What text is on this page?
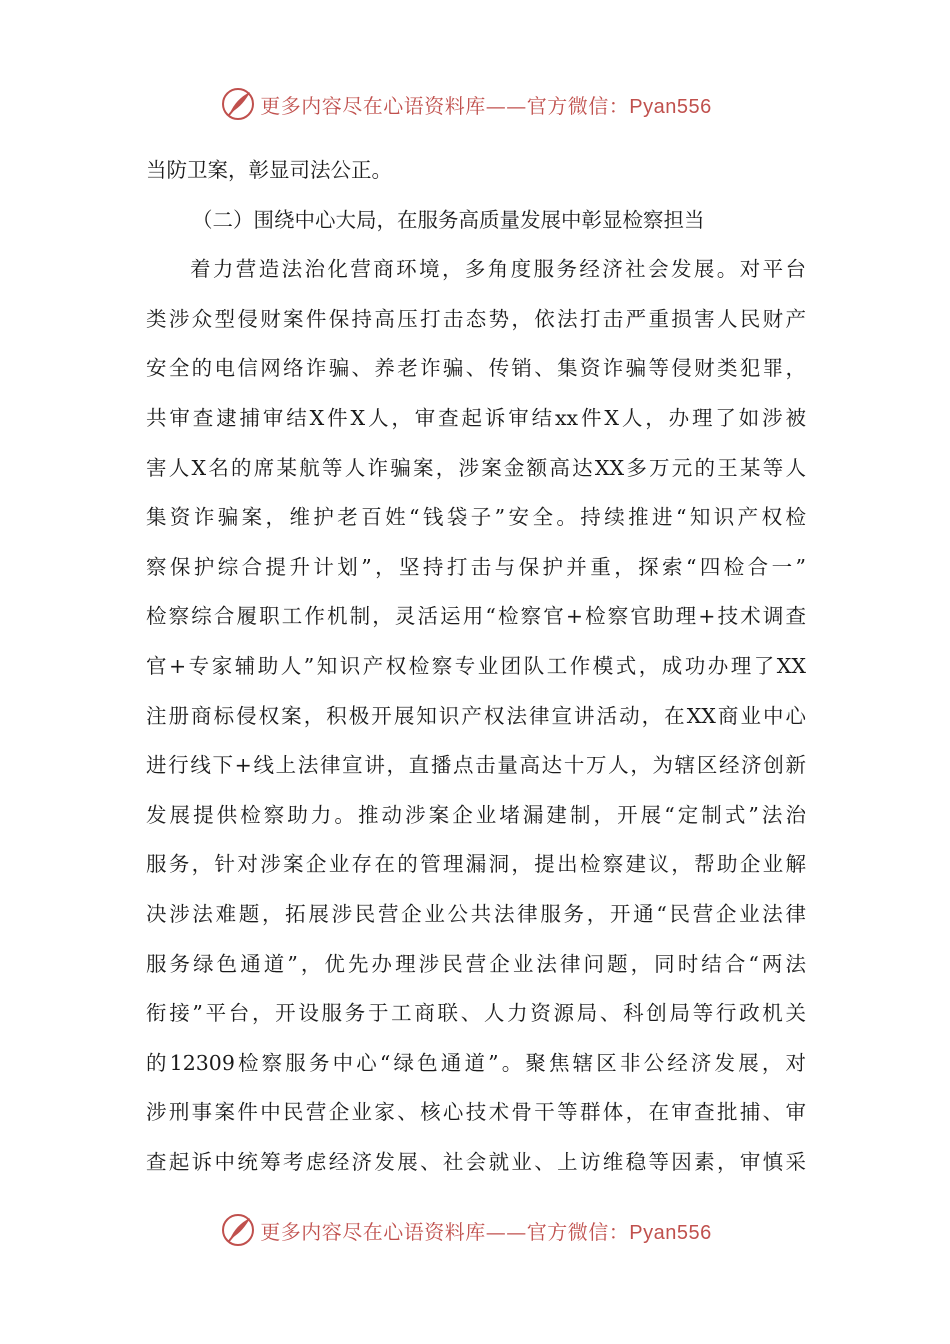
更多内容尽在心语资料库——官方微信：Pyan556
当防卫案，彰显司法公正。
（二）围绕中心大局，在服务高质量发展中彰显检察担当
着力营造法治化营商环境，多角度服务经济社会发展。对平台
类涉众型侵财案件保持高压打击态势，依法打击严重损害人民财产
安全的电信网络诈骗、养老诈骗、传销、集资诈骗等侵财类犯罪，
共审查逮捕审结X件X人，审查起诉审结xx件X人，办理了如涉被
害人X名的席某航等人诈骗案，涉案金额高达XX多万元的王某等人
集资诈骗案，维护老百姓“钱袋子”安全。持续推进“知识产权检
察保护综合提升计划”，坚持打击与保护并重，探索“四检合一”
检察综合履职工作机制，灵活运用“检察官+检察官助理+技术调查
官+专家辅助人”知识产权检察专业团队工作模式，成功办理了XX
注册商标侵权案，积极开展知识产权法律宣讲活动，在XX商业中心
进行线下+线上法律宣讲，直播点击量高达十万人，为辖区经济创新
发展提供检察助力。推动涉案企业堵漏建制，开展“定制式”法治
服务，针对涉案企业存在的管理漏洞，提出检察建议，帮助企业解
决涉法难题，拓展涉民营企业公共法律服务，开通“民营企业法律
服务绿色通道”，优先办理涉民营企业法律问题，同时结合“两法
衔接”平台，开设服务于工商联、人力资源局、科创局等行政机关
的12309检察服务中心“绿色通道”。聚焦辖区非公经济发展，对
涉刑事案件中民营企业家、核心技术骨干等群体，在审查批捕、审
查起诉中统筹考虑经济发展、社会就业、上访维稳等因素，审慎采
更多内容尽在心语资料库——官方微信：Pyan556
